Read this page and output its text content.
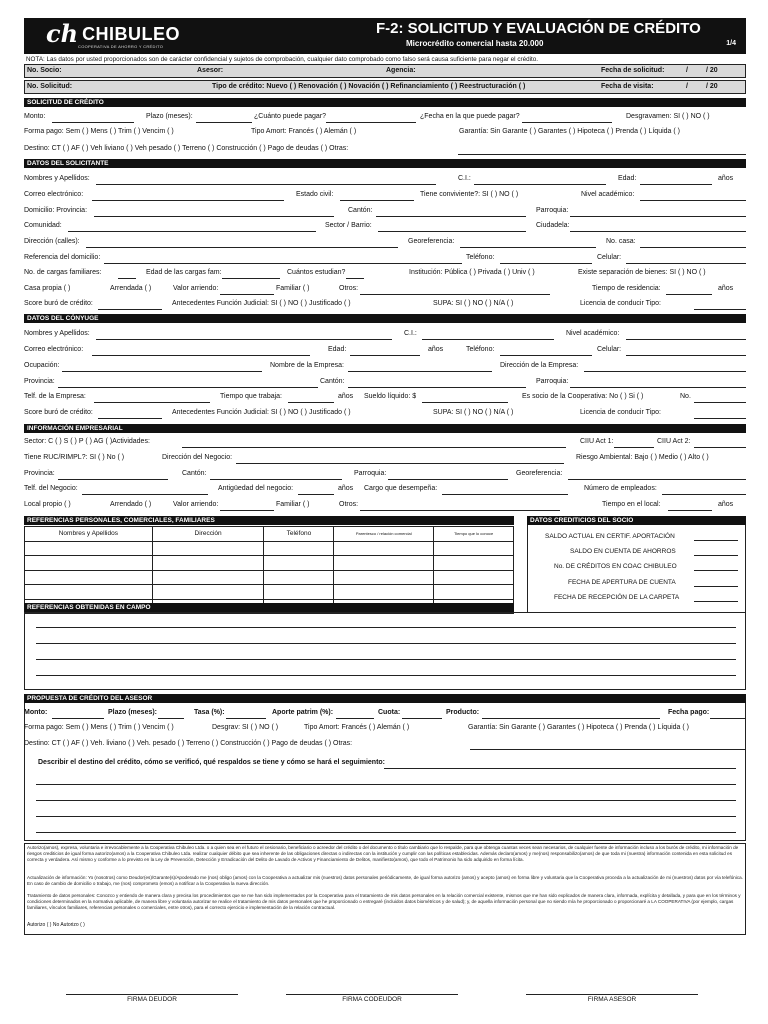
ch CHIBULEO
COOPERATIVA DE AHORRO Y CRÉDITO
F-2: SOLICITUD Y EVALUACIÓN DE CRÉDITO
Microcrédito comercial hasta 20.000	1/4
NOTA: Las datos por usted proporcionados son de carácter confidencial y sujetos de comprobación, cualquier dato comprobado como falso será causa suficiente para negar el crédito.
No. Socio:	Asesor:	Agencia:	Fecha de solicitud:	/	/ 20
No. Solicitud:	Tipo de crédito: Nuevo ( ) Renovación ( ) Novación ( ) Refinanciamiento ( ) Reestructuración ( )	Fecha de visita:	/	/ 20
SOLICITUD DE CRÉDITO
Monto:	Plazo (meses):	¿Cuánto puede pagar?	¿Fecha en la que puede pagar?	Desgravamen: SI ( ) NO ( )
Forma pago: Sem ( ) Mens ( ) Trim ( ) Vencim ( )	Tipo Amort: Francés ( ) Alemán ( )	Garantía: Sin Garante ( ) Garantes ( ) Hipoteca ( ) Prenda ( ) Líquida ( )
Destino: CT ( ) AF ( ) Veh liviano ( ) Veh pesado ( ) Terreno ( ) Construcción ( ) Pago de deudas ( ) Otras:
DATOS DEL SOLICITANTE
Nombres y Apellidos:	C.I.:	Edad:	años
Correo electrónico:	Estado civil:	Tiene conviviente?: SI ( ) NO ( )	Nivel académico:
Domicilio: Provincia:	Cantón:	Parroquia:
Comunidad:	Sector / Barrio:	Ciudadela:
Dirección (calles):	Georeferencia:	No. casa:
Referencia del domicilio:	Teléfono:	Celular:
No. de cargas familiares:	Edad de las cargas fam:	Cuántos estudian?	Institución: Pública ( ) Privada ( ) Univ ( )	Existe separación de bienes: SI ( ) NO ( )
Casa propia ( )	Arrendada ( )	Valor arriendo:	Familiar ( )	Otros:	Tiempo de residencia:	años
Score buró de crédito:	Antecedentes Función Judicial: SI ( ) NO ( ) Justificado ( )	SUPA: SI ( ) NO ( ) N/A ( )	Licencia de conducir Tipo:
DATOS DEL CÓNYUGE
Nombres y Apellidos:	C.I.:	Nivel académico:
Correo electrónico:	Edad:	años	Teléfono:	Celular:
Ocupación:	Nombre de la Empresa:	Dirección de la Empresa:
Provincia:	Cantón:	Parroquia:
Telf. de la Empresa:	Tiempo que trabaja:	años Sueldo líquido: $	Es socio de la Cooperativa: No ( ) Si ( )	No.
Score buró de crédito:	Antecedentes Función Judicial: SI ( ) NO ( ) Justificado ( )	SUPA: SI ( ) NO ( ) N/A ( )	Licencia de conducir Tipo:
INFORMACIÓN EMPRESARIAL
Sector: C ( ) S ( ) P ( ) AG ( )Actividades:	CIIU Act 1:	CIIU Act 2:
Tiene RUC/RIMPL?: SI ( ) No ( )	Dirección del Negocio:	Riesgo Ambiental: Bajo ( ) Medio ( ) Alto ( )
Provincia:	Cantón:	Parroquia:	Georeferencia:
Telf. del Negocio:	Antigüedad del negocio:	años Cargo que desempeña:	Número de empleados:
Local propio ( )	Arrendado ( )	Valor arriendo:	Familiar ( )	Otros:	Tiempo en el local:	años
REFERENCIAS PERSONALES, COMERCIALES, FAMILIARES	DATOS CREDITICIOS DEL SOCIO
Nombres y Apellidos	Dirección	Teléfono	Parentesco / relación comercial	Tiempo que lo conoce

					SALDO ACTUAL EN CERTIF. APORTACIÓN
SALDO EN CUENTA DE AHORROS
No. DE CRÉDITOS EN COAC CHIBULEO
FECHA DE APERTURA DE CUENTA
FECHA DE RECEPCIÓN DE LA CARPETA
REFERENCIAS OBTENIDAS EN CAMPO
PROPUESTA DE CRÉDITO DEL ASESOR
Monto:	Plazo (meses):	Tasa (%):	Aporte patrim (%):	Cuota:	Producto:	Fecha pago:
Forma pago: Sem ( ) Mens ( ) Trim ( ) Vencim ( )	Desgrav: SI ( ) NO ( )	Tipo Amort: Francés ( ) Alemán ( )	Garantía: Sin Garante ( ) Garantes ( ) Hipoteca ( ) Prenda ( ) Líquida ( )
Destino: CT ( ) AF ( ) Veh. liviano ( ) Veh. pesado ( ) Terreno ( ) Construcción ( ) Pago de deudas ( ) Otras:
Describir el destino del crédito, cómo se verificó, qué respaldos se tiene y cómo se hará el seguimiento:
Autorizo(amos), expresa, voluntaria e irrevocablemente a la Cooperativa Chibuleo Ltda. o a quien sea en el futuro el cesionario, beneficiario o acreedor del crédito o del documento o título cambiario que lo respalde, para que obtenga cuantas veces sean necesarios, de cualquier fuente de información incluso a los burós de crédito, mi información de riesgos crediticios de igual forma autorizo(amos) a la Cooperativa Chibuleo Ltda. realizar cualquier débito que sea inherente de las obligaciones directas o indirectas con la institución y cumplir con las políticas establecidas. Además declaro(amos) y me(nos) responsabilizo(amos) de que toda mi (nuestra) información contenida en esta solicitud es correcta y verdadera. Así mismo y conforme a lo previsto en la Ley de Prevención, Detección y Erradicación del Delito de Lavado de Activos y Financiamiento de Delitos, manifiesto(amos), que todo el Patrimonio ha sido adquirido en forma lícita.
Actualización de información: Yo (nosotros) como Deudor(es)/Garante(s)/Apoderado me (nos) obligo (amos) con la Cooperativa a actualizar mis (nuestros) datos personales periódicamente, de igual forma autorizo (amos) y acepto (amos) en forma libre y voluntaria que la Cooperativa proceda a la actualización de mi (nuestros) datos por vía telefónica. En caso de cambio de domicilio o trabajo, me (nos) comprometo (emos) a notificar a la Cooperativa la nueva dirección.
Tratamiento de datos personales: Conozco y entiendo de manera clara y precisa los procedimientos que se me han sido implementados por la Cooperativa para el tratamiento de mis datos personales en la relación comercial existente, mismos que me han sido explicados de manera clara, informada, explícita y detallada, y para que en los términos y condiciones determinados en la normativa aplicable, de manera libre y voluntaria autorizar se realice el tratamiento de mis datos personales que he proporcionado o entregaré (incluidos datos biométricos y de salud); y, de aquella información personal que no siendo mía he proporcionado o proporcionaré a LA COOPERATIVA (por ejemplo, cargas familiares, vínculos familiares, referencias personales o comerciales, entre otros), para el correcto ejercicio e implementación de la relación contractual.
Autorizo ( ) No Autorizo ( )
FIRMA DEUDOR	FIRMA CODEUDOR	FIRMA ASESOR
